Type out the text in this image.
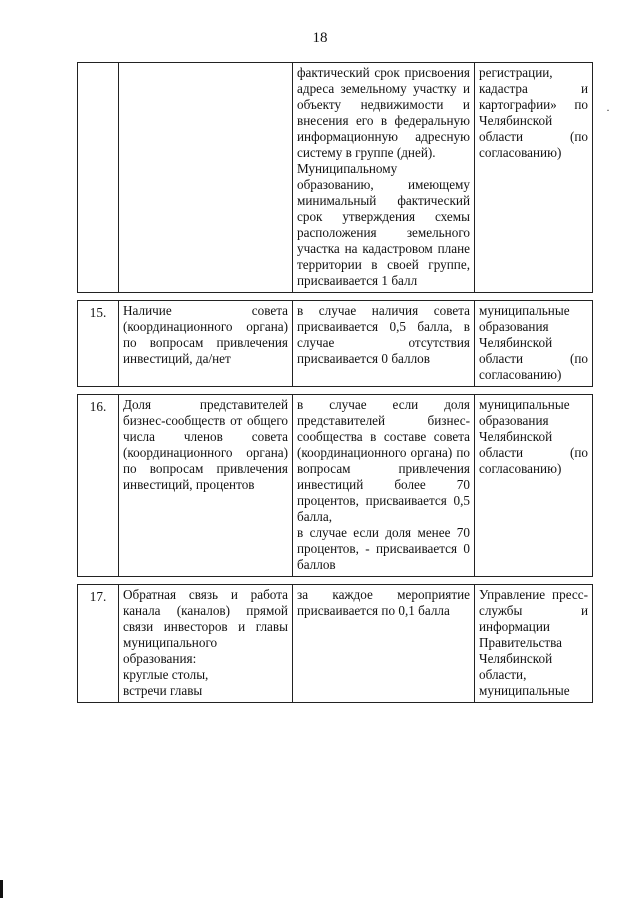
18

		фактический срок присвоения адреса земельному участку и объекту недвижимости и внесения его в федеральную информационную адресную систему в группе (дней).
Муниципальному образованию, имеющему минимальный фактический срок утверждения схемы расположения земельного участка на кадастровом плане территории в своей группе, присваивается 1 балл	регистрации, кадастра и картографии» по Челябинской области (по согласованию)

15.	Наличие совета (координационного органа) по вопросам привлечения инвестиций, да/нет	в случае наличия совета присваивается 0,5 балла, в случае отсутствия присваивается 0 баллов	муниципальные образования Челябинской области (по согласованию)

16.	Доля представителей бизнес-сообществ от общего числа членов совета (координационного органа) по вопросам привлечения инвестиций, процентов	в случае если доля представителей бизнес-сообщества в составе совета (координационного органа) по вопросам привлечения инвестиций более 70 процентов, присваивается 0,5 балла,
в случае если доля менее 70 процентов, - присваивается 0 баллов	муниципальные образования Челябинской области (по согласованию)

17.	Обратная связь и работа канала (каналов) прямой связи инвесторов и главы муниципального образования:
круглые столы,
встречи главы	за каждое мероприятие присваивается по 0,1 балла	Управление пресс-службы и информации Правительства Челябинской области, муниципальные
·
